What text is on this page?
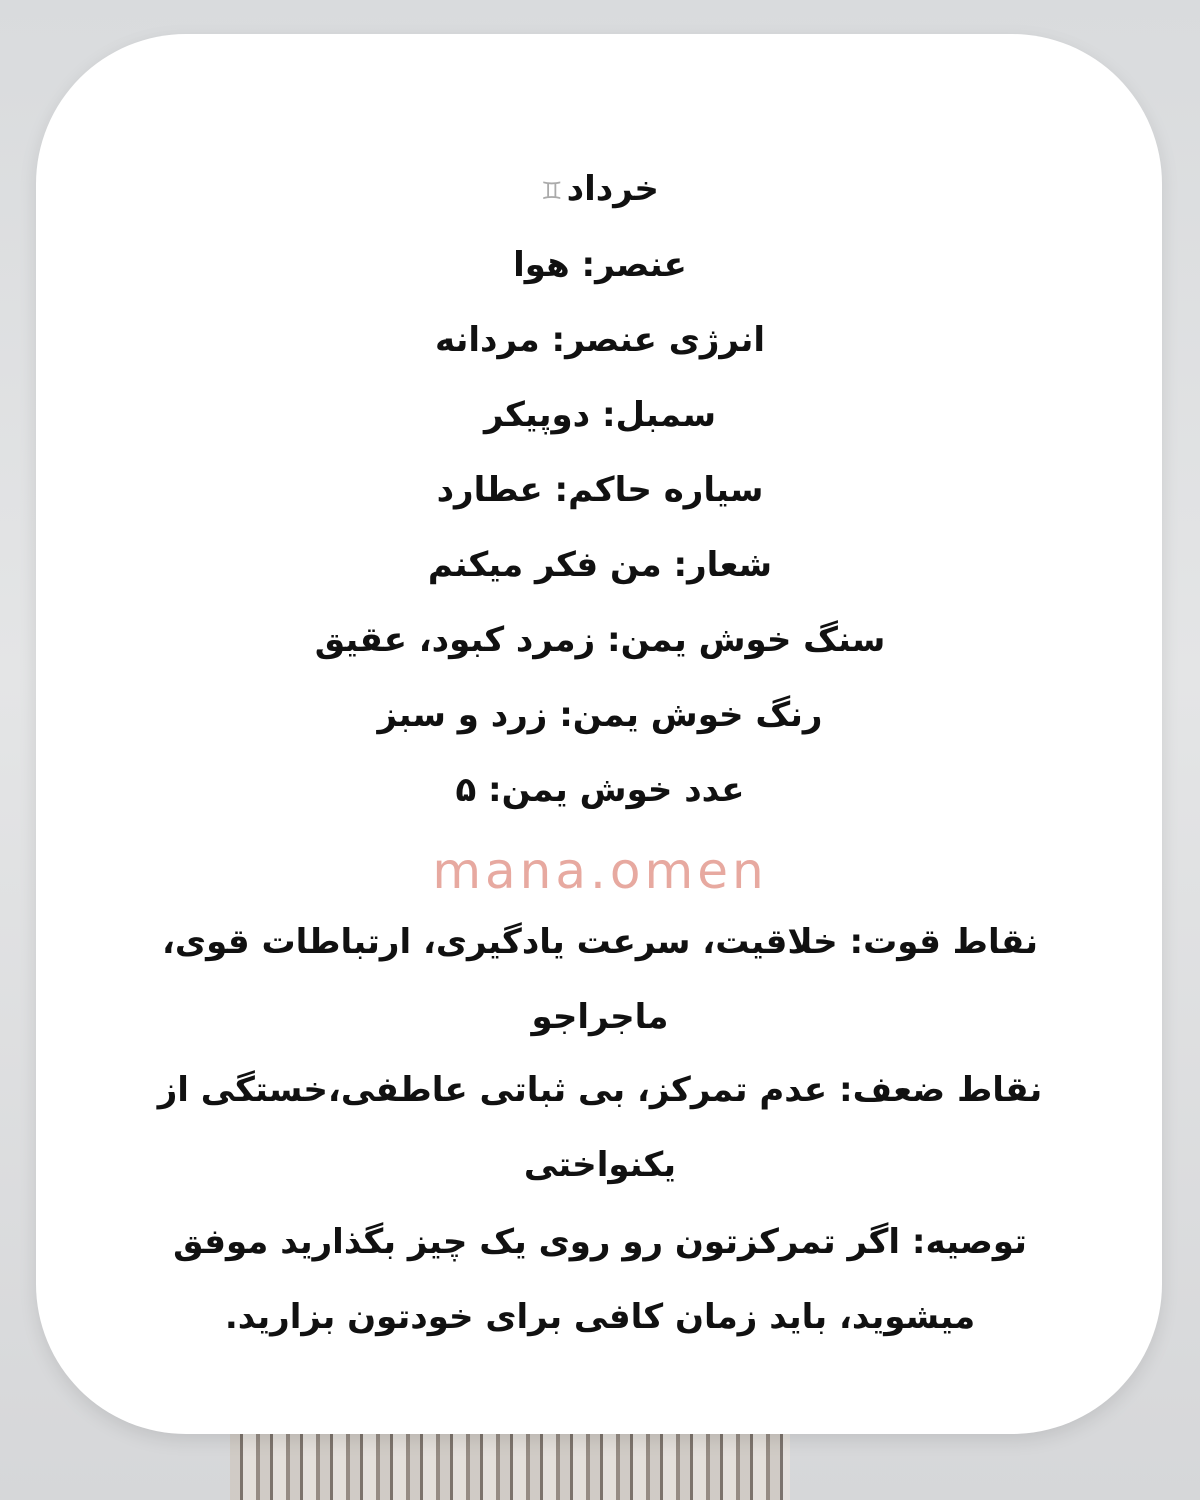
خرداد♊
عنصر: هوا
انرژی عنصر: مردانه
سمبل: دوپیکر
سیاره حاکم: عطارد
شعار: من فکر میکنم
سنگ خوش یمن: زمرد کبود، عقیق
رنگ خوش یمن: زرد و سبز
عدد خوش یمن: ۵
mana.omen
نقاط قوت: خلاقیت، سرعت یادگیری، ارتباطات قوی،
ماجراجو
نقاط ضعف: عدم تمرکز، بی ثباتی عاطفی،خستگی از
یکنواختی
توصیه: اگر تمرکزتون رو روی یک چیز بگذارید موفق
میشوید، باید زمان کافی برای خودتون بزارید.
